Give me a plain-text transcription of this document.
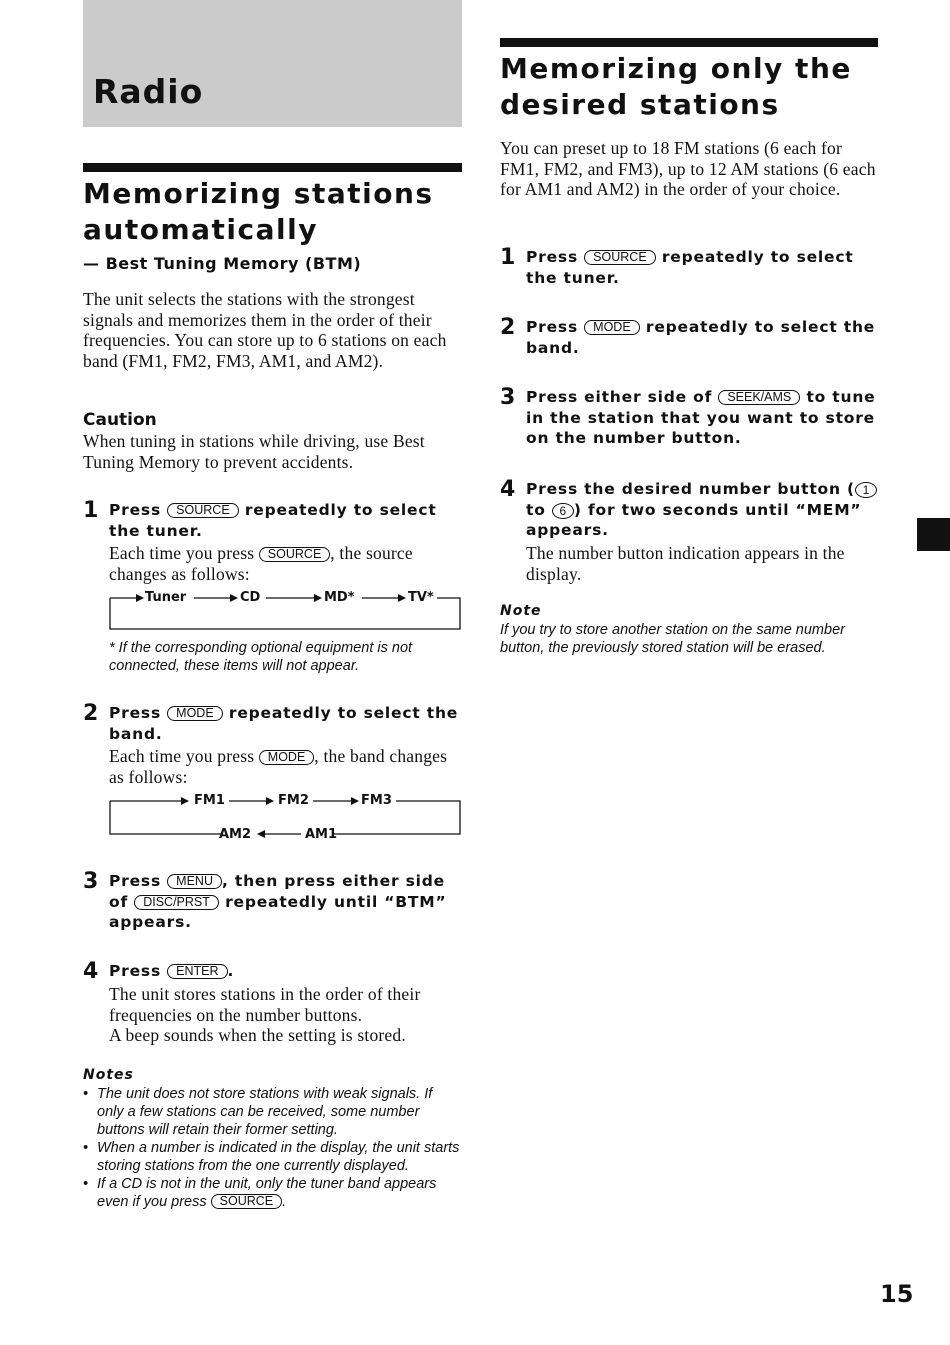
Radio
Memorizing stations automatically
— Best Tuning Memory (BTM)
The unit selects the stations with the strongest signals and memorizes them in the order of their frequencies. You can store up to 6 stations on each band (FM1, FM2, FM3, AM1, and AM2).
Caution
When tuning in stations while driving, use Best Tuning Memory to prevent accidents.
1 Press SOURCE repeatedly to select the tuner.
Each time you press SOURCE , the source changes as follows:
Tuner	CD	MD*	TV*
* If the corresponding optional equipment is not connected, these items will not appear.
2 Press MODE repeatedly to select the band.
Each time you press MODE , the band changes as follows:
FM1	FM2	FM3
AM2	AM1
3 Press MENU , then press either side of DISC/PRST repeatedly until “BTM” appears.
4 Press ENTER .
The unit stores stations in the order of their frequencies on the number buttons.
A beep sounds when the setting is stored.
Notes
• The unit does not store stations with weak signals. If only a few stations can be received, some number buttons will retain their former setting.
• When a number is indicated in the display, the unit starts storing stations from the one currently displayed.
• If a CD is not in the unit, only the tuner band appears even if you press SOURCE .
Memorizing only the desired stations
You can preset up to 18 FM stations (6 each for FM1, FM2, and FM3), up to 12 AM stations (6 each for AM1 and AM2) in the order of your choice.
1 Press SOURCE repeatedly to select the tuner.
2 Press MODE repeatedly to select the band.
3 Press either side of SEEK/AMS to tune in the station that you want to store on the number button.
4 Press the desired number button ( 1 to 6 ) for two seconds until “MEM” appears.
The number button indication appears in the display.
Note
If you try to store another station on the same number button, the previously stored station will be erased.
15
